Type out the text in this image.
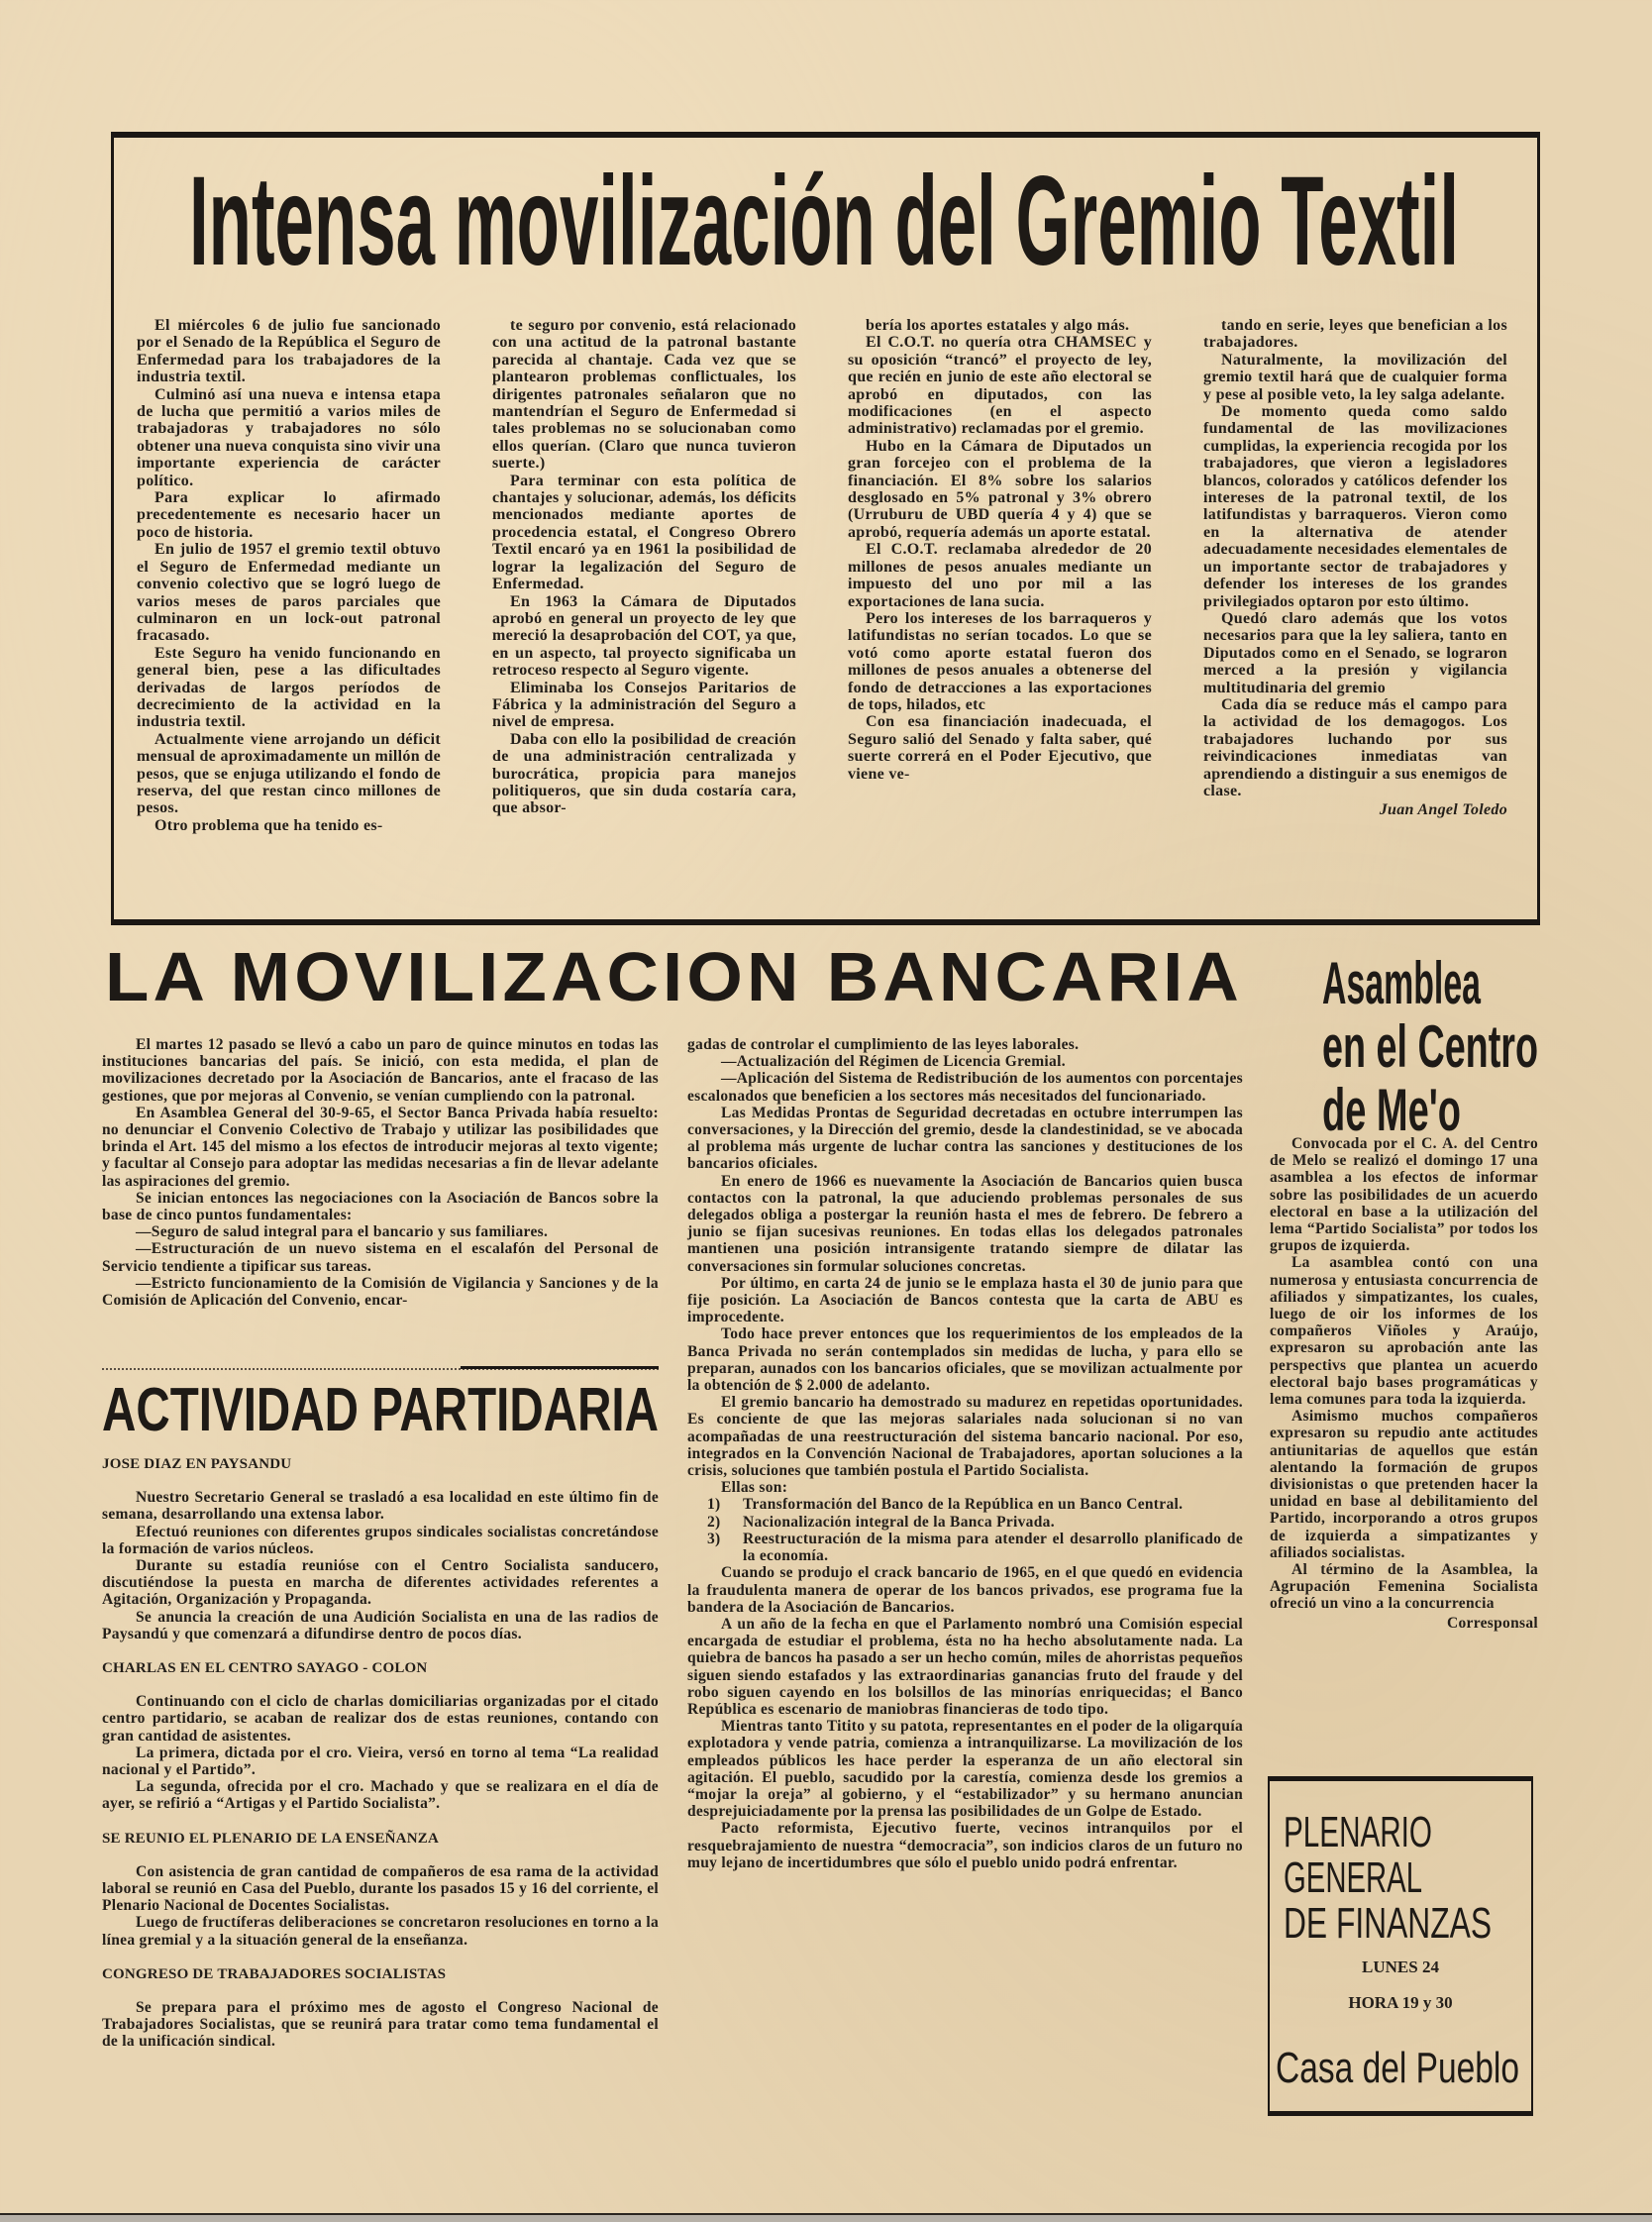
Intensa movilización del Gremio Textil

El miércoles 6 de julio fue sancionado por el Senado de la República el Seguro de Enfermedad para los trabajadores de la industria textil.

Culminó así una nueva e intensa etapa de lucha que permitió a varios miles de trabajadoras y trabajadores no sólo obtener una nueva conquista sino vivir una importante experiencia de carácter político.

Para explicar lo afirmado precedentemente es necesario hacer un poco de historia.

En julio de 1957 el gremio textil obtuvo el Seguro de Enfermedad mediante un convenio colectivo que se logró luego de varios meses de paros parciales que culminaron en un lock-out patronal fracasado.

Este Seguro ha venido funcionando en general bien, pese a las dificultades derivadas de largos períodos de decrecimiento de la actividad en la industria textil.

Actualmente viene arrojando un déficit mensual de aproximadamente un millón de pesos, que se enjuga utilizando el fondo de reserva, del que restan cinco millones de pesos.

Otro problema que ha tenido es-

te seguro por convenio, está relacionado con una actitud de la patronal bastante parecida al chantaje. Cada vez que se plantearon problemas conflictuales, los dirigentes patronales señalaron que no mantendrían el Seguro de Enfermedad si tales problemas no se solucionaban como ellos querían. (Claro que nunca tuvieron suerte.)

Para terminar con esta política de chantajes y solucionar, además, los déficits mencionados mediante aportes de procedencia estatal, el Congreso Obrero Textil encaró ya en 1961 la posibilidad de lograr la legalización del Seguro de Enfermedad.

En 1963 la Cámara de Diputados aprobó en general un proyecto de ley que mereció la desaprobación del COT, ya que, en un aspecto, tal proyecto significaba un retroceso respecto al Seguro vigente.

Eliminaba los Consejos Paritarios de Fábrica y la administración del Seguro a nivel de empresa.

Daba con ello la posibilidad de creación de una administración centralizada y burocrática, propicia para manejos politiqueros, que sin duda costaría cara, que absor-

bería los aportes estatales y algo más.

El C.O.T. no quería otra CHAMSEC y su oposición “trancó” el proyecto de ley, que recién en junio de este año electoral se aprobó en diputados, con las modificaciones (en el aspecto administrativo) reclamadas por el gremio.

Hubo en la Cámara de Diputados un gran forcejeo con el problema de la financiación. El 8% sobre los salarios desglosado en 5% patronal y 3% obrero (Urruburu de UBD quería 4 y 4) que se aprobó, requería además un aporte estatal.

El C.O.T. reclamaba alrededor de 20 millones de pesos anuales mediante un impuesto del uno por mil a las exportaciones de lana sucia.

Pero los intereses de los barraqueros y latifundistas no serían tocados. Lo que se votó como aporte estatal fueron dos millones de pesos anuales a obtenerse del fondo de detracciones a las exportaciones de tops, hilados, etc

Con esa financiación inadecuada, el Seguro salió del Senado y falta saber, qué suerte correrá en el Poder Ejecutivo, que viene ve-

tando en serie, leyes que benefician a los trabajadores.

Naturalmente, la movilización del gremio textil hará que de cualquier forma y pese al posible veto, la ley salga adelante.

De momento queda como saldo fundamental de las movilizaciones cumplidas, la experiencia recogida por los trabajadores, que vieron a legisladores blancos, colorados y católicos defender los intereses de la patronal textil, de los latifundistas y barraqueros. Vieron como en la alternativa de atender adecuadamente necesidades elementales de un importante sector de trabajadores y defender los intereses de los grandes privilegiados optaron por esto último.

Quedó claro además que los votos necesarios para que la ley saliera, tanto en Diputados como en el Senado, se lograron merced a la presión y vigilancia multitudinaria del gremio

Cada día se reduce más el campo para la actividad de los demagogos. Los trabajadores luchando por sus reivindicaciones inmediatas van aprendiendo a distinguir a sus enemigos de clase.

Juan Angel Toledo

LA MOVILIZACION BANCARIA

El martes 12 pasado se llevó a cabo un paro de quince minutos en todas las instituciones bancarias del país. Se inició, con esta medida, el plan de movilizaciones decretado por la Asociación de Bancarios, ante el fracaso de las gestiones, que por mejoras al Convenio, se venían cumpliendo con la patronal.

En Asamblea General del 30-9-65, el Sector Banca Privada había resuelto: no denunciar el Convenio Colectivo de Trabajo y utilizar las posibilidades que brinda el Art. 145 del mismo a los efectos de introducir mejoras al texto vigente; y facultar al Consejo para adoptar las medidas necesarias a fin de llevar adelante las aspiraciones del gremio.

Se inician entonces las negociaciones con la Asociación de Bancos sobre la base de cinco puntos fundamentales:

—Seguro de salud integral para el bancario y sus familiares.

—Estructuración de un nuevo sistema en el escalafón del Personal de Servicio tendiente a tipificar sus tareas.

—Estricto funcionamiento de la Comisión de Vigilancia y Sanciones y de la Comisión de Aplicación del Convenio, encar-

gadas de controlar el cumplimiento de las leyes laborales.

—Actualización del Régimen de Licencia Gremial.

—Aplicación del Sistema de Redistribución de los aumentos con porcentajes escalonados que beneficien a los sectores más necesitados del funcionariado.

Las Medidas Prontas de Seguridad decretadas en octubre interrumpen las conversaciones, y la Dirección del gremio, desde la clandestinidad, se ve abocada al problema más urgente de luchar contra las sanciones y destituciones de los bancarios oficiales.

En enero de 1966 es nuevamente la Asociación de Bancarios quien busca contactos con la patronal, la que aduciendo problemas personales de sus delegados obliga a postergar la reunión hasta el mes de febrero. De febrero a junio se fijan sucesivas reuniones. En todas ellas los delegados patronales mantienen una posición intransigente tratando siempre de dilatar las conversaciones sin formular soluciones concretas.

Por último, en carta 24 de junio se le emplaza hasta el 30 de junio para que fije posición. La Asociación de Bancos contesta que la carta de ABU es improcedente.

Todo hace prever entonces que los requerimientos de los empleados de la Banca Privada no serán contemplados sin medidas de lucha, y para ello se preparan, aunados con los bancarios oficiales, que se movilizan actualmente por la obtención de $ 2.000 de adelanto.

El gremio bancario ha demostrado su madurez en repetidas oportunidades. Es conciente de que las mejoras salariales nada solucionan si no van acompañadas de una reestructuración del sistema bancario nacional. Por eso, integrados en la Convención Nacional de Trabajadores, aportan soluciones a la crisis, soluciones que también postula el Partido Socialista.

Ellas son:

1) Transformación del Banco de la República en un Banco Central.

2) Nacionalización integral de la Banca Privada.

3) Reestructuración de la misma para atender el desarrollo planificado de la economía.

Cuando se produjo el crack bancario de 1965, en el que quedó en evidencia la fraudulenta manera de operar de los bancos privados, ese programa fue la bandera de la Asociación de Bancarios.

A un año de la fecha en que el Parlamento nombró una Comisión especial encargada de estudiar el problema, ésta no ha hecho absolutamente nada. La quiebra de bancos ha pasado a ser un hecho común, miles de ahorristas pequeños siguen siendo estafados y las extraordinarias ganancias fruto del fraude y del robo siguen cayendo en los bolsillos de las minorías enriquecidas; el Banco República es escenario de maniobras financieras de todo tipo.

Mientras tanto Titito y su patota, representantes en el poder de la oligarquía explotadora y vende patria, comienza a intranquilizarse. La movilización de los empleados públicos les hace perder la esperanza de un año electoral sin agitación. El pueblo, sacudido por la carestía, comienza desde los gremios a “mojar la oreja” al gobierno, y el “estabilizador” y su hermano anuncian desprejuiciadamente por la prensa las posibilidades de un Golpe de Estado.

Pacto reformista, Ejecutivo fuerte, vecinos intranquilos por el resquebrajamiento de nuestra “democracia”, son indicios claros de un futuro no muy lejano de incertidumbres que sólo el pueblo unido podrá enfrentar.

ACTIVIDAD PARTIDARIA
JOSE DIAZ EN PAYSANDU

Nuestro Secretario General se trasladó a esa localidad en este último fin de semana, desarrollando una extensa labor.

Efectuó reuniones con diferentes grupos sindicales socialistas concretándose la formación de varios núcleos.

Durante su estadía reunióse con el Centro Socialista sanducero, discutiéndose la puesta en marcha de diferentes actividades referentes a Agitación, Organización y Propaganda.

Se anuncia la creación de una Audición Socialista en una de las radios de Paysandú y que comenzará a difundirse dentro de pocos días.

CHARLAS EN EL CENTRO SAYAGO - COLON

Continuando con el ciclo de charlas domiciliarias organizadas por el citado centro partidario, se acaban de realizar dos de estas reuniones, contando con gran cantidad de asistentes.

La primera, dictada por el cro. Vieira, versó en torno al tema “La realidad nacional y el Partido”.

La segunda, ofrecida por el cro. Machado y que se realizara en el día de ayer, se refirió a “Artigas y el Partido Socialista”.

SE REUNIO EL PLENARIO DE LA ENSEÑANZA

Con asistencia de gran cantidad de compañeros de esa rama de la actividad laboral se reunió en Casa del Pueblo, durante los pasados 15 y 16 del corriente, el Plenario Nacional de Docentes Socialistas.

Luego de fructíferas deliberaciones se concretaron resoluciones en torno a la línea gremial y a la situación general de la enseñanza.

CONGRESO DE TRABAJADORES SOCIALISTAS

Se prepara para el próximo mes de agosto el Congreso Nacional de Trabajadores Socialistas, que se reunirá para tratar como tema fundamental el de la unificación sindical.

Asamblea
en el Centro
de Me'o

Convocada por el C. A. del Centro de Melo se realizó el domingo 17 una asamblea a los efectos de informar sobre las posibilidades de un acuerdo electoral en base a la utilización del lema “Partido Socialista” por todos los grupos de izquierda.

La asamblea contó con una numerosa y entusiasta concurrencia de afiliados y simpatizantes, los cuales, luego de oir los informes de los compañeros Viñoles y Araújo, expresaron su aprobación ante las perspectivs que plantea un acuerdo electoral bajo bases programáticas y lema comunes para toda la izquierda.

Asimismo muchos compañeros expresaron su repudio ante actitudes antiunitarias de aquellos que están alentando la formación de grupos divisionistas o que pretenden hacer la unidad en base al debilitamiento del Partido, incorporando a otros grupos de izquierda a simpatizantes y afiliados socialistas.

Al término de la Asamblea, la Agrupación Femenina Socialista ofreció un vino a la concurrencia

Corresponsal

PLENARIO
GENERAL
DE FINANZAS
LUNES 24
HORA 19 y 30
Casa del Pueblo
